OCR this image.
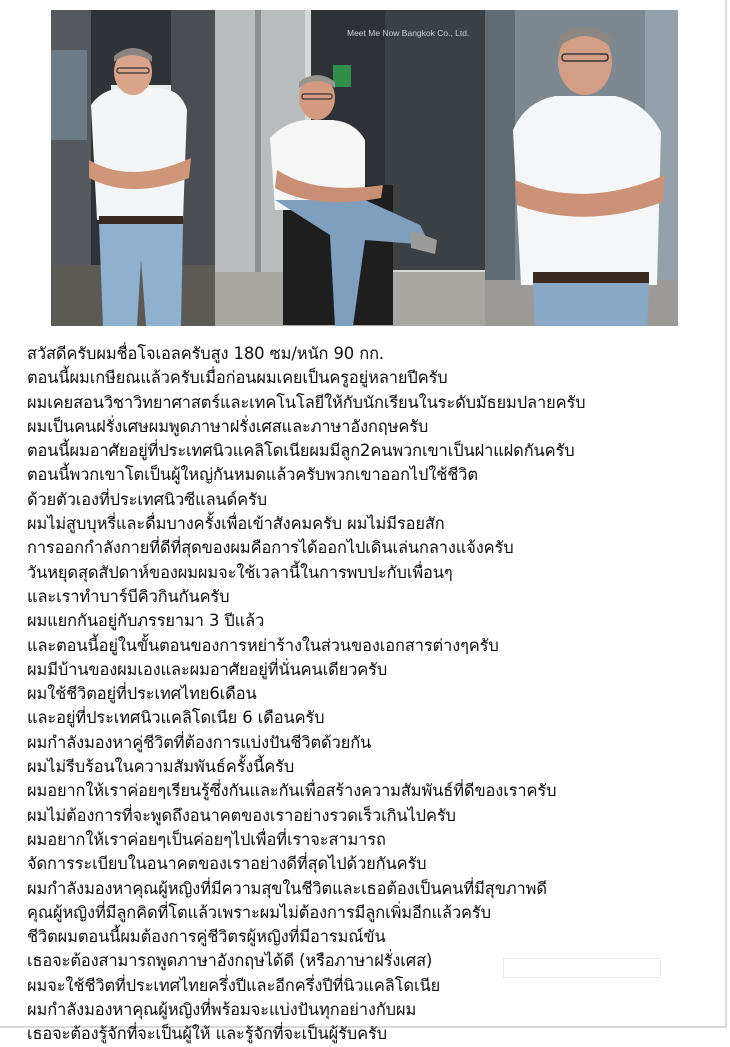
Meet Me Now Bangkok Co., Ltd.
สวัสดีครับผมชื่อโจเอลครับสูง 180 ซม/หนัก 90 กก.
ตอนนี้ผมเกษียณแล้วครับเมื่อก่อนผมเคยเป็นครูอยู่หลายปีครับ
ผมเคยสอนวิชาวิทยาศาสตร์และเทคโนโลยีให้กับนักเรียนในระดับมัธยมปลายครับ
ผมเป็นคนฝรั่งเศษผมพูดภาษาฝรั่งเศสและภาษาอังกฤษครับ
ตอนนี้ผมอาศัยอยู่ที่ประเทศนิวแคลิโดเนียผมมีลูก2คนพวกเขาเป็นฝาแฝดกันครับ
ตอนนี้พวกเขาโตเป็นผู้ใหญ่กันหมดแล้วครับพวกเขาออกไปใช้ชีวิต
ด้วยตัวเองที่ประเทศนิวซีแลนด์ครับ
ผมไม่สูบบุหรี่และดื่มบางครั้งเพื่อเข้าสังคมครับ ผมไม่มีรอยสัก
การออกกำลังกายที่ดีที่สุดของผมคือการได้ออกไปเดินเล่นกลางแจ้งครับ
วันหยุดสุดสัปดาห์ของผมผมจะใช้เวลานี้ในการพบปะกับเพื่อนๆ
และเราทำบาร์บีคิวกินกันครับ
ผมแยกกันอยู่กับภรรยามา 3 ปีแล้ว
และตอนนี้อยู่ในขั้นตอนของการหย่าร้างในส่วนของเอกสารต่างๆครับ
ผมมีบ้านของผมเองและผมอาศัยอยู่ที่นั่นคนเดียวครับ
ผมใช้ชีวิตอยู่ที่ประเทศไทย6เดือน
และอยู่ที่ประเทศนิวแคลิโดเนีย 6 เดือนครับ
ผมกำลังมองหาคู่ชีวิตที่ต้องการแบ่งปันชีวิตด้วยกัน
ผมไม่รีบร้อนในความสัมพันธ์ครั้งนี้ครับ
ผมอยากให้เราค่อยๆเรียนรู้ซึ่งกันและกันเพื่อสร้างความสัมพันธ์ที่ดีของเราครับ
ผมไม่ต้องการที่จะพูดถึงอนาคตของเราอย่างรวดเร็วเกินไปครับ
ผมอยากให้เราค่อยๆเป็นค่อยๆไปเพื่อที่เราจะสามารถ
จัดการระเบียบในอนาคตของเราอย่างดีที่สุดไปด้วยกันครับ
ผมกำลังมองหาคุณผู้หญิงที่มีความสุขในชีวิตและเธอต้องเป็นคนที่มีสุขภาพดี
คุณผู้หญิงที่มีลูกคิดที่โตแล้วเพราะผมไม่ต้องการมีลูกเพิ่มอีกแล้วครับ
ชีวิตผมตอนนี้ผมต้องการคู่ชีวิตรผู้หญิงที่มีอารมณ์ขัน
เธอจะต้องสามารถพูดภาษาอังกฤษได้ดี (หรือภาษาฝรั่งเศส)
ผมจะใช้ชีวิตที่ประเทศไทยครึ่งปีและอีกครึ่งปีที่นิวแคลิโดเนีย
ผมกำลังมองหาคุณผู้หญิงที่พร้อมจะแบ่งปันทุกอย่างกับผม
เธอจะต้องรู้จักที่จะเป็นผู้ให้ และรู้จักที่จะเป็นผู้รับครับ
